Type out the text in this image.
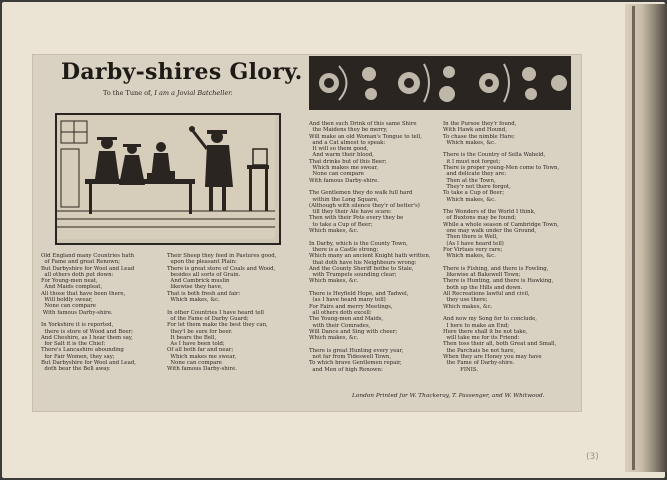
(3)
Darby-shires Glory.
To the Tune of, I am a Jovial Batcheller.
Old England many Countries hath
of Fame and great Renown;
But Darbyshire for Wool and Lead
all others doth put down:
For Young-men neat,
And Maids compleat,
All those that have been there,
Will boldly swear,
None can compare
With famous Darby-shire.

In Yorkshire it is reported,
there is store of Wood and Beer;
And Cheshire, as I hear them say,
for Salt it is the Chief:
There's Lancashire abounding
for Fair Women, they say;
But Darbyshire for Wool and Lead,
doth bear the Bell away.
Their Sheep they feed in Pastures good,
upon the pleasant Plain:
There is great store of Coals and Wood,
besides all sorts of Grain.
And Cambrick muslin
likewise they have,
That is both fresh and fair:
Which makes, &c.

In other Countries I have heard tell
of the Fame of Darby Guard;
For let them make the best they can,
they'l be sure for beer.
It bears the Bell,
As I have been told;
Of all both far and near;
Which makes me swear,
None can compare
With famous Darby-shire.
And then such Drink of this same Shire
the Maidens they be merry,
Will make an old Woman's Tongue to tell,
and a Cat almost to speak:
It will so them good,
And warm their blood,
That drinks but of this Beer;
Which makes me swear,
None can compare
With famous Darby-shire.

The Gentlemen they do walk full hard
within the Long Square,
(Although with silence they'r of better's)
till they their Ale have scare:
Then with their Pots every they be
to take a Cup of Beer;
Which makes, &c.

In Darby, which is the County Town,
there is a Castle strong;
Which many an ancient Knight hath written,
that doth have his Neighbours wrong:
And the County Sheriff bothe to Stale,
with Trumpets sounding clear;
Which makes, &c.

There is Heyfield Hope, and Tadwel,
(as I have heard many tell)
For Fairs and merry Meetings,
all others doth excell:
The Young-men and Maids,
with their Comrades,
Will Dance and Sing with cheer;
Which makes, &c.

There is great Hunting every year,
not far from Tideswell Town,
To which brave Gentlemen repair,
and Men of high Renown:
In the Pursoe they'r found,
With Hawk and Hound,
To chase the nimble Hare;
Which makes, &c.

There is the Country of Sella Waheld,
it I must not forget;
There is proper young-Men come to Town,
and delicate they are:
Then at the Town,
They'r not there forgot,
To take a Cup of Beer;
Which makes, &c.

The Wonders of the World I think,
of Buxtons may be found;
While a whole season of Cambridge Town,
one may walk under the Ground,
Then there is Well,
(As I have heard tell)
For Virtues very rare;
Which makes, &c.

There is Fishing, and there is Fowling,
likewise at Bakewell Town;
There is Hunting, and there is Hawking,
both up the Hills and down.
All Recreations lawful and civil,
they use there;
Which makes, &c.

And now my Song for to conclude,
I here to make an End;
Here there shall it be not take,
will take me for its Friend:
Then toss their all, both Great and Small,
the Parchais be not hare,
When they are Honey you may have
the Fame of Darby-shire.
FINIS.
London Printed for W. Thackeray, T. Passenger, and W. Whitwood.
